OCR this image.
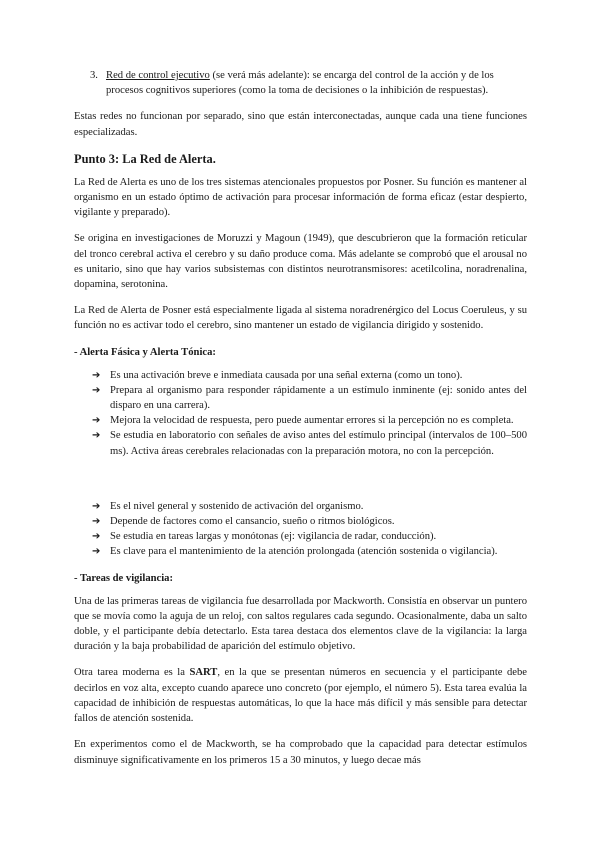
3. Red de control ejecutivo (se verá más adelante): se encarga del control de la acción y de los procesos cognitivos superiores (como la toma de decisiones o la inhibición de respuestas).

Estas redes no funcionan por separado, sino que están interconectadas, aunque cada una tiene funciones especializadas.

Punto 3: La Red de Alerta.

La Red de Alerta es uno de los tres sistemas atencionales propuestos por Posner. Su función es mantener al organismo en un estado óptimo de activación para procesar información de forma eficaz (estar despierto, vigilante y preparado).

Se origina en investigaciones de Moruzzi y Magoun (1949), que descubrieron que la formación reticular del tronco cerebral activa el cerebro y su daño produce coma. Más adelante se comprobó que el arousal no es unitario, sino que hay varios subsistemas con distintos neurotransmisores: acetilcolina, noradrenalina, dopamina, serotonina.

La Red de Alerta de Posner está especialmente ligada al sistema noradrenérgico del Locus Coeruleus, y su función no es activar todo el cerebro, sino mantener un estado de vigilancia dirigido y sostenido.

- Alerta Fásica y Alerta Tónica:
➔ Es una activación breve e inmediata causada por una señal externa (como un tono).
➔ Prepara al organismo para responder rápidamente a un estímulo inminente (ej: sonido antes del disparo en una carrera).
➔ Mejora la velocidad de respuesta, pero puede aumentar errores si la percepción no es completa.
➔ Se estudia en laboratorio con señales de aviso antes del estímulo principal (intervalos de 100–500 ms). Activa áreas cerebrales relacionadas con la preparación motora, no con la percepción.
➔ Es el nivel general y sostenido de activación del organismo.
➔ Depende de factores como el cansancio, sueño o ritmos biológicos.
➔ Se estudia en tareas largas y monótonas (ej: vigilancia de radar, conducción).
➔ Es clave para el mantenimiento de la atención prolongada (atención sostenida o vigilancia).
- Tareas de vigilancia:

Una de las primeras tareas de vigilancia fue desarrollada por Mackworth. Consistía en observar un puntero que se movía como la aguja de un reloj, con saltos regulares cada segundo. Ocasionalmente, daba un salto doble, y el participante debía detectarlo. Esta tarea destaca dos elementos clave de la vigilancia: la larga duración y la baja probabilidad de aparición del estímulo objetivo.

Otra tarea moderna es la SART, en la que se presentan números en secuencia y el participante debe decirlos en voz alta, excepto cuando aparece uno concreto (por ejemplo, el número 5). Esta tarea evalúa la capacidad de inhibición de respuestas automáticas, lo que la hace más difícil y más sensible para detectar fallos de atención sostenida.

En experimentos como el de Mackworth, se ha comprobado que la capacidad para detectar estímulos disminuye significativamente en los primeros 15 a 30 minutos, y luego decae más
